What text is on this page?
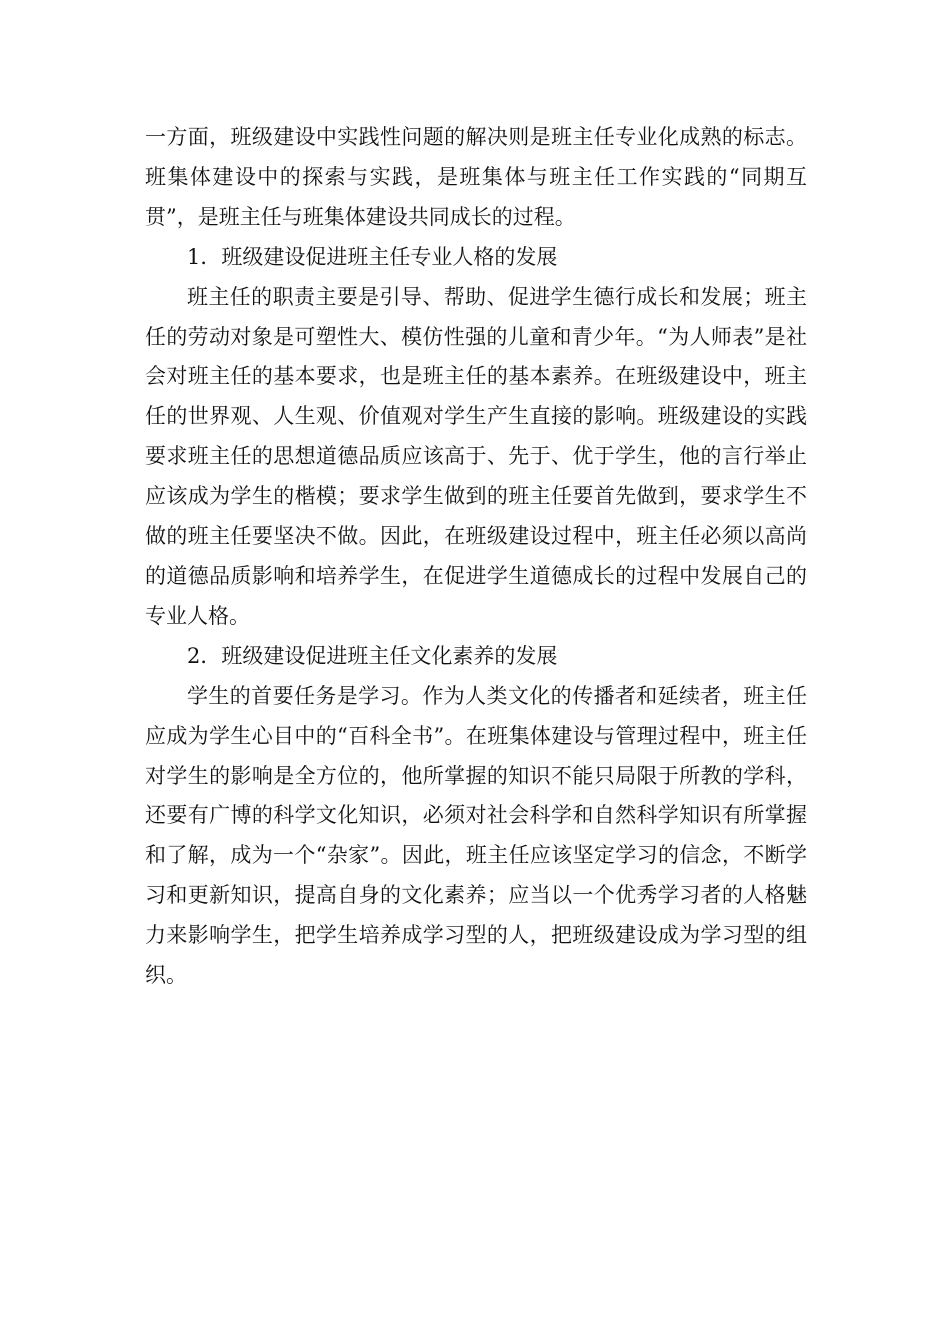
一方面，班级建设中实践性问题的解决则是班主任专业化成熟的标志。班集体建设中的探索与实践，是班集体与班主任工作实践的“同期互贯”，是班主任与班集体建设共同成长的过程。

1．班级建设促进班主任专业人格的发展

班主任的职责主要是引导、帮助、促进学生德行成长和发展；班主任的劳动对象是可塑性大、模仿性强的儿童和青少年。“为人师表”是社会对班主任的基本要求，也是班主任的基本素养。在班级建设中，班主任的世界观、人生观、价值观对学生产生直接的影响。班级建设的实践要求班主任的思想道德品质应该高于、先于、优于学生，他的言行举止应该成为学生的楷模；要求学生做到的班主任要首先做到，要求学生不做的班主任要坚决不做。因此，在班级建设过程中，班主任必须以高尚的道德品质影响和培养学生，在促进学生道德成长的过程中发展自己的专业人格。

2．班级建设促进班主任文化素养的发展

学生的首要任务是学习。作为人类文化的传播者和延续者，班主任应成为学生心目中的“百科全书”。在班集体建设与管理过程中，班主任对学生的影响是全方位的，他所掌握的知识不能只局限于所教的学科，还要有广博的科学文化知识，必须对社会科学和自然科学知识有所掌握和了解，成为一个“杂家”。因此，班主任应该坚定学习的信念，不断学习和更新知识，提高自身的文化素养；应当以一个优秀学习者的人格魅力来影响学生，把学生培养成学习型的人，把班级建设成为学习型的组织。
